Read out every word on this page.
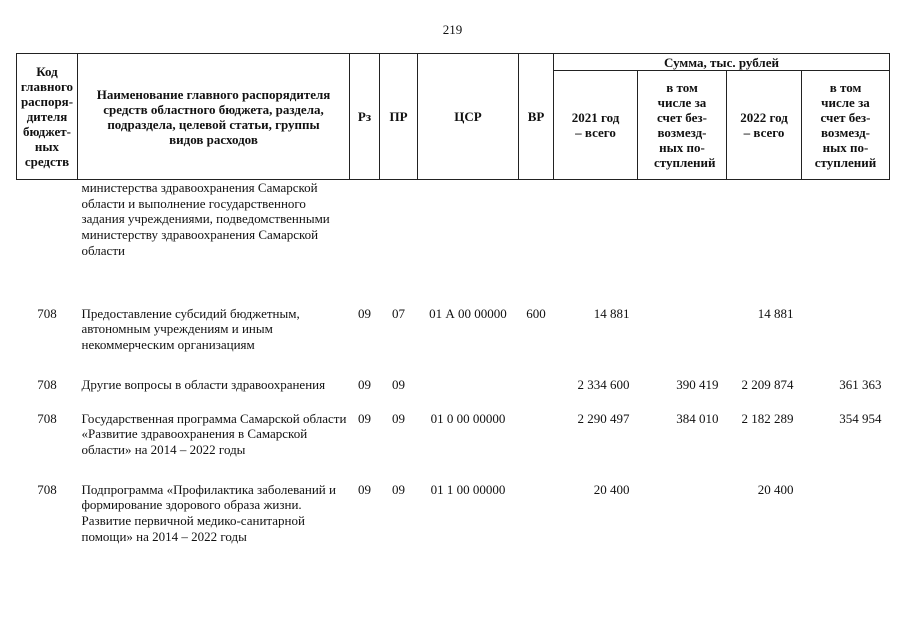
219
Код главного распоря-дителя бюджет-ных средств	Наименование главного распорядителя средств областного бюджета, раздела, подраздела, целевой статьи, группы видов расходов	Рз	ПР	ЦСР	ВР	Сумма, тыс. рублей			
						2021 год – всего	в том числе за счет без-возмезд-ных по-ступлений	2022 год – всего	в том числе за счет без-возмезд-ных по-ступлений
	министерства здравоохранения Самарской области и выполнение государственного задания учреждениями, подведомственными министерству здравоохранения Самарской области								
708	Предоставление субсидий бюджетным, автономным учреждениям и иным некоммерческим организациям	09	07	01 А 00 00000	600	14 881		14 881	
708	Другие вопросы в области здравоохранения	09	09			2 334 600	390 419	2 209 874	361 363
708	Государственная программа Самарской области «Развитие здравоохранения в Самарской области» на 2014 – 2022 годы	09	09	01 0 00 00000		2 290 497	384 010	2 182 289	354 954
708	Подпрограмма «Профилактика заболеваний и формирование здорового образа жизни. Развитие первичной медико-санитарной помощи» на 2014 – 2022 годы	09	09	01 1 00 00000		20 400		20 400	
